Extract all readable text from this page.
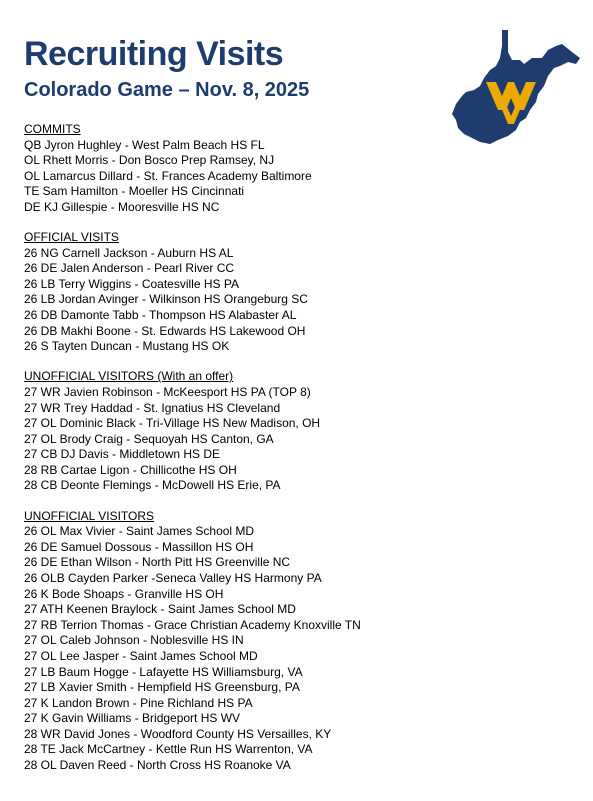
Recruiting Visits
Colorado Game – Nov. 8, 2025
COMMITS
QB Jyron Hughley - West Palm Beach HS FL
OL Rhett Morris - Don Bosco Prep Ramsey, NJ
OL Lamarcus Dillard - St. Frances Academy Baltimore
TE Sam Hamilton - Moeller HS Cincinnati
DE KJ Gillespie - Mooresville HS NC
OFFICIAL VISITS
26 NG Carnell Jackson - Auburn HS AL
26 DE Jalen Anderson - Pearl River CC
26 LB Terry Wiggins - Coatesville HS PA
26 LB Jordan Avinger - Wilkinson HS Orangeburg SC
26 DB Damonte Tabb - Thompson HS Alabaster AL
26 DB Makhi Boone - St. Edwards HS Lakewood OH
26 S Tayten Duncan - Mustang HS OK
UNOFFICIAL VISITORS (With an offer)
27 WR Javien Robinson - McKeesport HS PA (TOP 8)
27 WR Trey Haddad - St. Ignatius HS Cleveland
27 OL Dominic Black - Tri-Village HS New Madison, OH
27 OL Brody Craig - Sequoyah HS Canton, GA
27 CB DJ Davis - Middletown HS DE
28 RB Cartae Ligon - Chillicothe HS OH
28 CB Deonte Flemings - McDowell HS Erie, PA
UNOFFICIAL VISITORS
26 OL Max Vivier - Saint James School MD
26 DE Samuel Dossous - Massillon HS OH
26 DE Ethan Wilson - North Pitt HS Greenville NC
26 OLB Cayden Parker -Seneca Valley HS Harmony PA
26 K Bode Shoaps - Granville HS OH
27 ATH Keenen Braylock - Saint James School MD
27 RB Terrion Thomas - Grace Christian Academy Knoxville TN
27 OL Caleb Johnson - Noblesville HS IN
27 OL Lee Jasper - Saint James School MD
27 LB Baum Hogge - Lafayette HS Williamsburg, VA
27 LB Xavier Smith - Hempfield HS Greensburg, PA
27 K Landon Brown - Pine Richland HS PA
27 K Gavin Williams - Bridgeport HS WV
28 WR David Jones - Woodford County HS Versailles, KY
28 TE Jack McCartney - Kettle Run HS Warrenton, VA
28 OL Daven Reed - North Cross HS Roanoke VA
